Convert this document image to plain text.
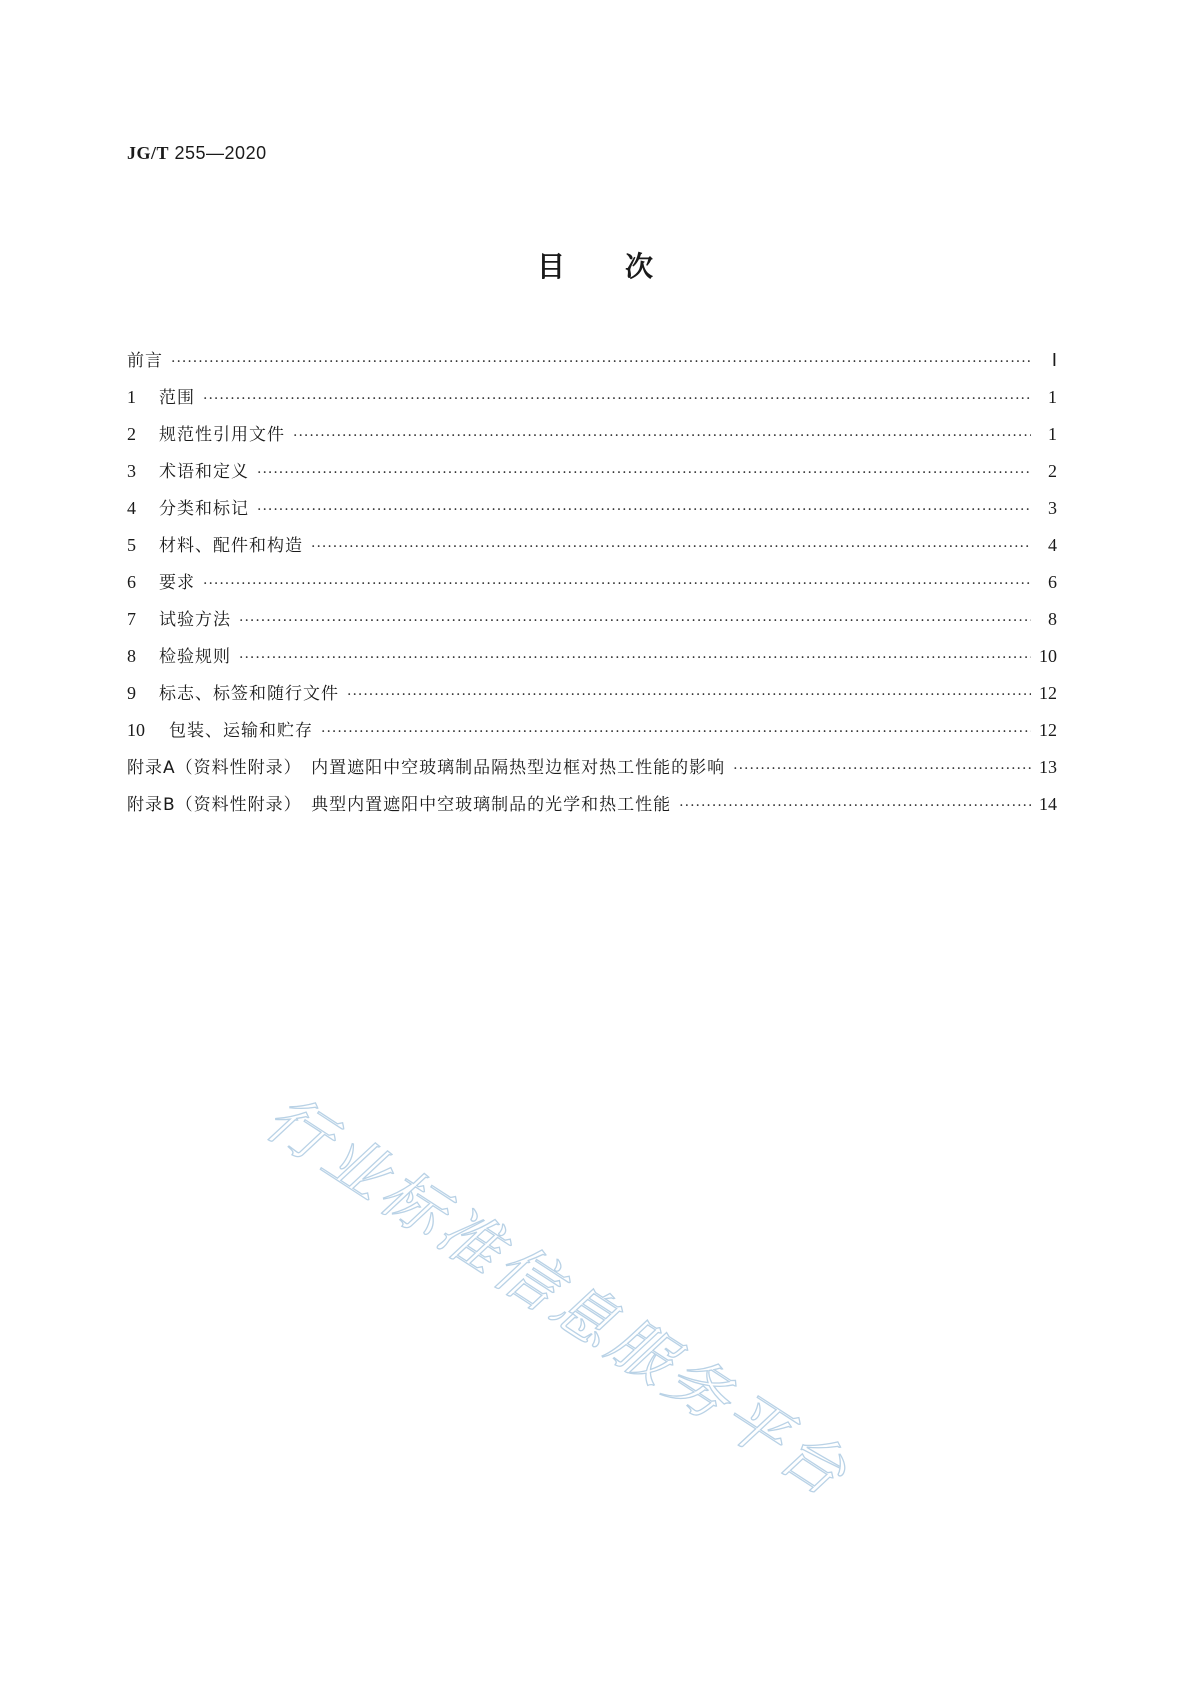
JG/T 255—2020
目次
前言 ·····	Ⅰ
1	范围 ·····	1
2	规范性引用文件 ·····	1
3	术语和定义 ·····	2
4	分类和标记 ·····	3
5	材料、配件和构造 ·····	4
6	要求 ·····	6
7	试验方法 ·····	8
8	检验规则 ·····	10
9	标志、标签和随行文件 ·····	12
10	包装、运输和贮存 ·····	12
附录A（资料性附录）　内置遮阳中空玻璃制品隔热型边框对热工性能的影响 ·····	13
附录B（资料性附录）　典型内置遮阳中空玻璃制品的光学和热工性能 ·····	14
行业标准信息服务平台
